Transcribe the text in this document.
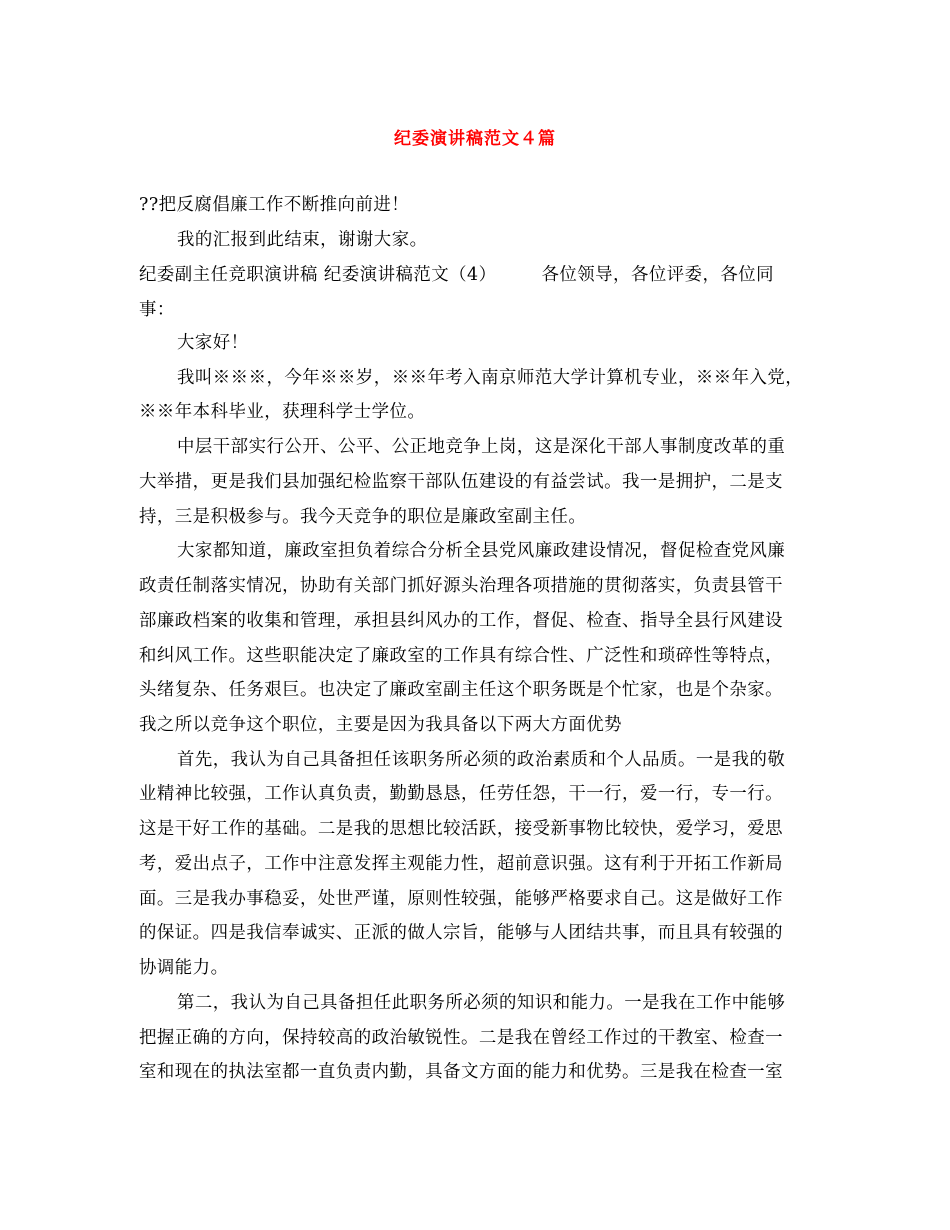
纪委演讲稿范文４篇
??把反腐倡廉工作不断推向前进！
我的汇报到此结束，谢谢大家。
纪委副主任竞职演讲稿 纪委演讲稿范文（4）　　　各位领导，各位评委，各位同
事：
大家好！
我叫※※※，今年※※岁，※※年考入南京师范大学计算机专业，※※年入党，
※※年本科毕业，获理科学士学位。
中层干部实行公开、公平、公正地竞争上岗，这是深化干部人事制度改革的重
大举措，更是我们县加强纪检监察干部队伍建设的有益尝试。我一是拥护，二是支
持，三是积极参与。我今天竞争的职位是廉政室副主任。
大家都知道，廉政室担负着综合分析全县党风廉政建设情况，督促检查党风廉
政责任制落实情况，协助有关部门抓好源头治理各项措施的贯彻落实，负责县管干
部廉政档案的收集和管理，承担县纠风办的工作，督促、检查、指导全县行风建设
和纠风工作。这些职能决定了廉政室的工作具有综合性、广泛性和琐碎性等特点，
头绪复杂、任务艰巨。也决定了廉政室副主任这个职务既是个忙家，也是个杂家。
我之所以竞争这个职位，主要是因为我具备以下两大方面优势
首先，我认为自己具备担任该职务所必须的政治素质和个人品质。一是我的敬
业精神比较强，工作认真负责，勤勤恳恳，任劳任怨，干一行，爱一行，专一行。
这是干好工作的基础。二是我的思想比较活跃，接受新事物比较快，爱学习，爱思
考，爱出点子，工作中注意发挥主观能力性，超前意识强。这有利于开拓工作新局
面。三是我办事稳妥，处世严谨，原则性较强，能够严格要求自己。这是做好工作
的保证。四是我信奉诚实、正派的做人宗旨，能够与人团结共事，而且具有较强的
协调能力。
第二，我认为自己具备担任此职务所必须的知识和能力。一是我在工作中能够
把握正确的方向，保持较高的政治敏锐性。二是我在曾经工作过的干教室、检查一
室和现在的执法室都一直负责内勤，具备文方面的能力和优势。三是我在检查一室
